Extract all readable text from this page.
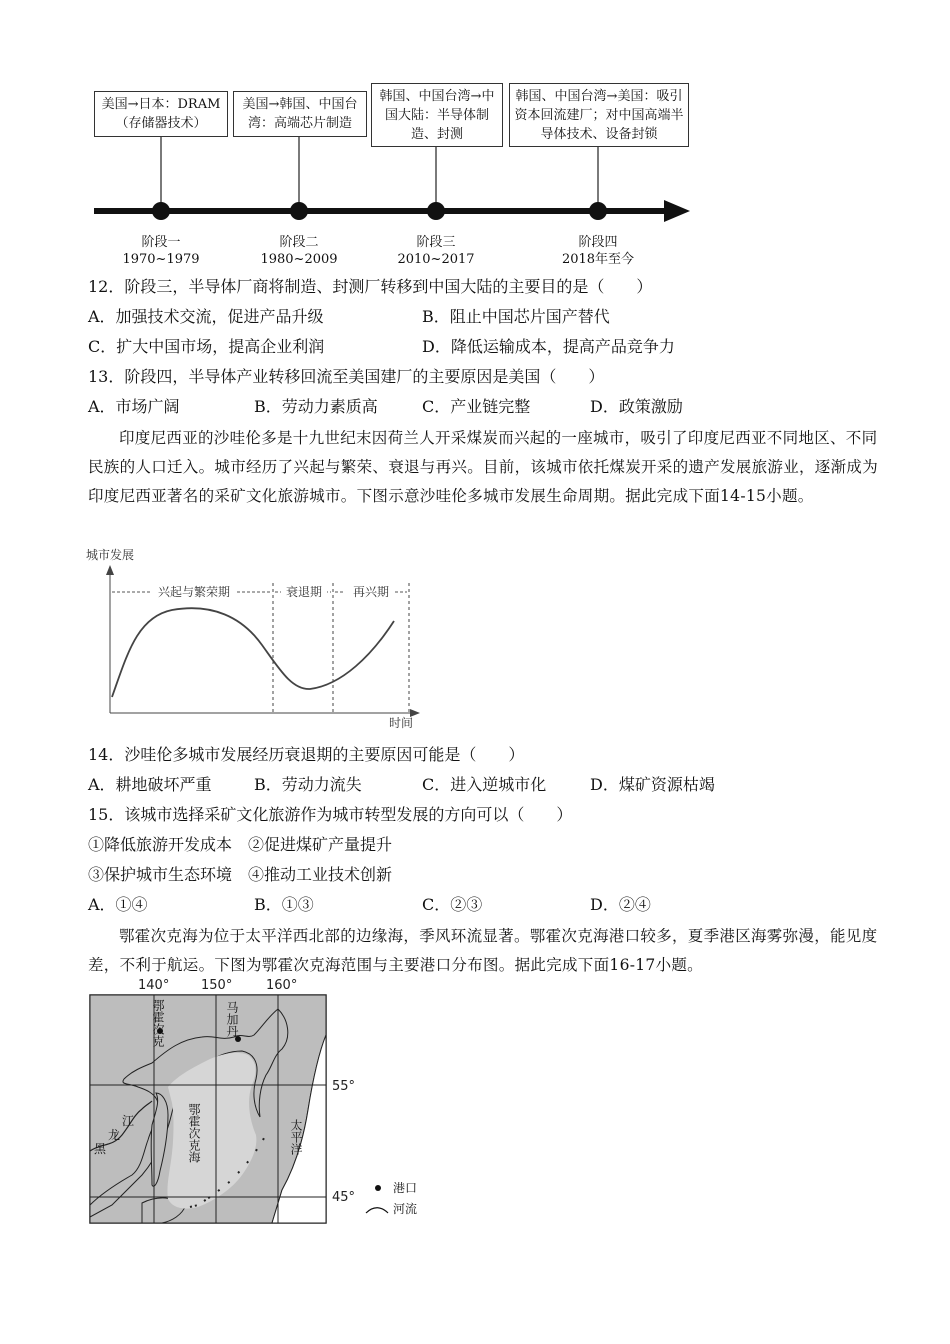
美国→日本：DRAM（存储器技术）
美国→韩国、中国台湾：高端芯片制造
韩国、中国台湾→中国大陆：半导体制造、封测
韩国、中国台湾→美国：吸引资本回流建厂；对中国高端半导体技术、设备封锁
阶段一
1970~1979
阶段二
1980~2009
阶段三
2010~2017
阶段四
2018年至今
12．阶段三，半导体厂商将制造、封测厂转移到中国大陆的主要目的是（　　）
A．加强技术交流，促进产品升级	B．阻止中国芯片国产替代
C．扩大中国市场，提高企业利润	D．降低运输成本，提高产品竞争力
13．阶段四，半导体产业转移回流至美国建厂的主要原因是美国（　　）
A．市场广阔	B．劳动力素质高	C．产业链完整	D．政策激励
印度尼西亚的沙哇伦多是十九世纪末因荷兰人开采煤炭而兴起的一座城市，吸引了印度尼西亚不同地区、不同民族的人口迁入。城市经历了兴起与繁荣、衰退与再兴。目前，该城市依托煤炭开采的遗产发展旅游业，逐渐成为印度尼西亚著名的采矿文化旅游城市。下图示意沙哇伦多城市发展生命周期。据此完成下面14-15小题。
城市发展
时间
兴起与繁荣期	衰退期	再兴期
14．沙哇伦多城市发展经历衰退期的主要原因可能是（　　）
A．耕地破坏严重	B．劳动力流失	C．进入逆城市化	D．煤矿资源枯竭
15．该城市选择采矿文化旅游作为城市转型发展的方向可以（　　）
①降低旅游开发成本　②促进煤矿产量提升
③保护城市生态环境　④推动工业技术创新
A．①④	B．①③	C．②③	D．②④
鄂霍次克海为位于太平洋西北部的边缘海，季风环流显著。鄂霍次克海港口较多，夏季港区海雾弥漫，能见度差，不利于航运。下图为鄂霍次克海范围与主要港口分布图。据此完成下面16-17小题。
140° 150°	160°
马加丹
鄂霍次克海	太平洋
黑
龙
江
55°
45°
港口
河流
鄂霍次克
